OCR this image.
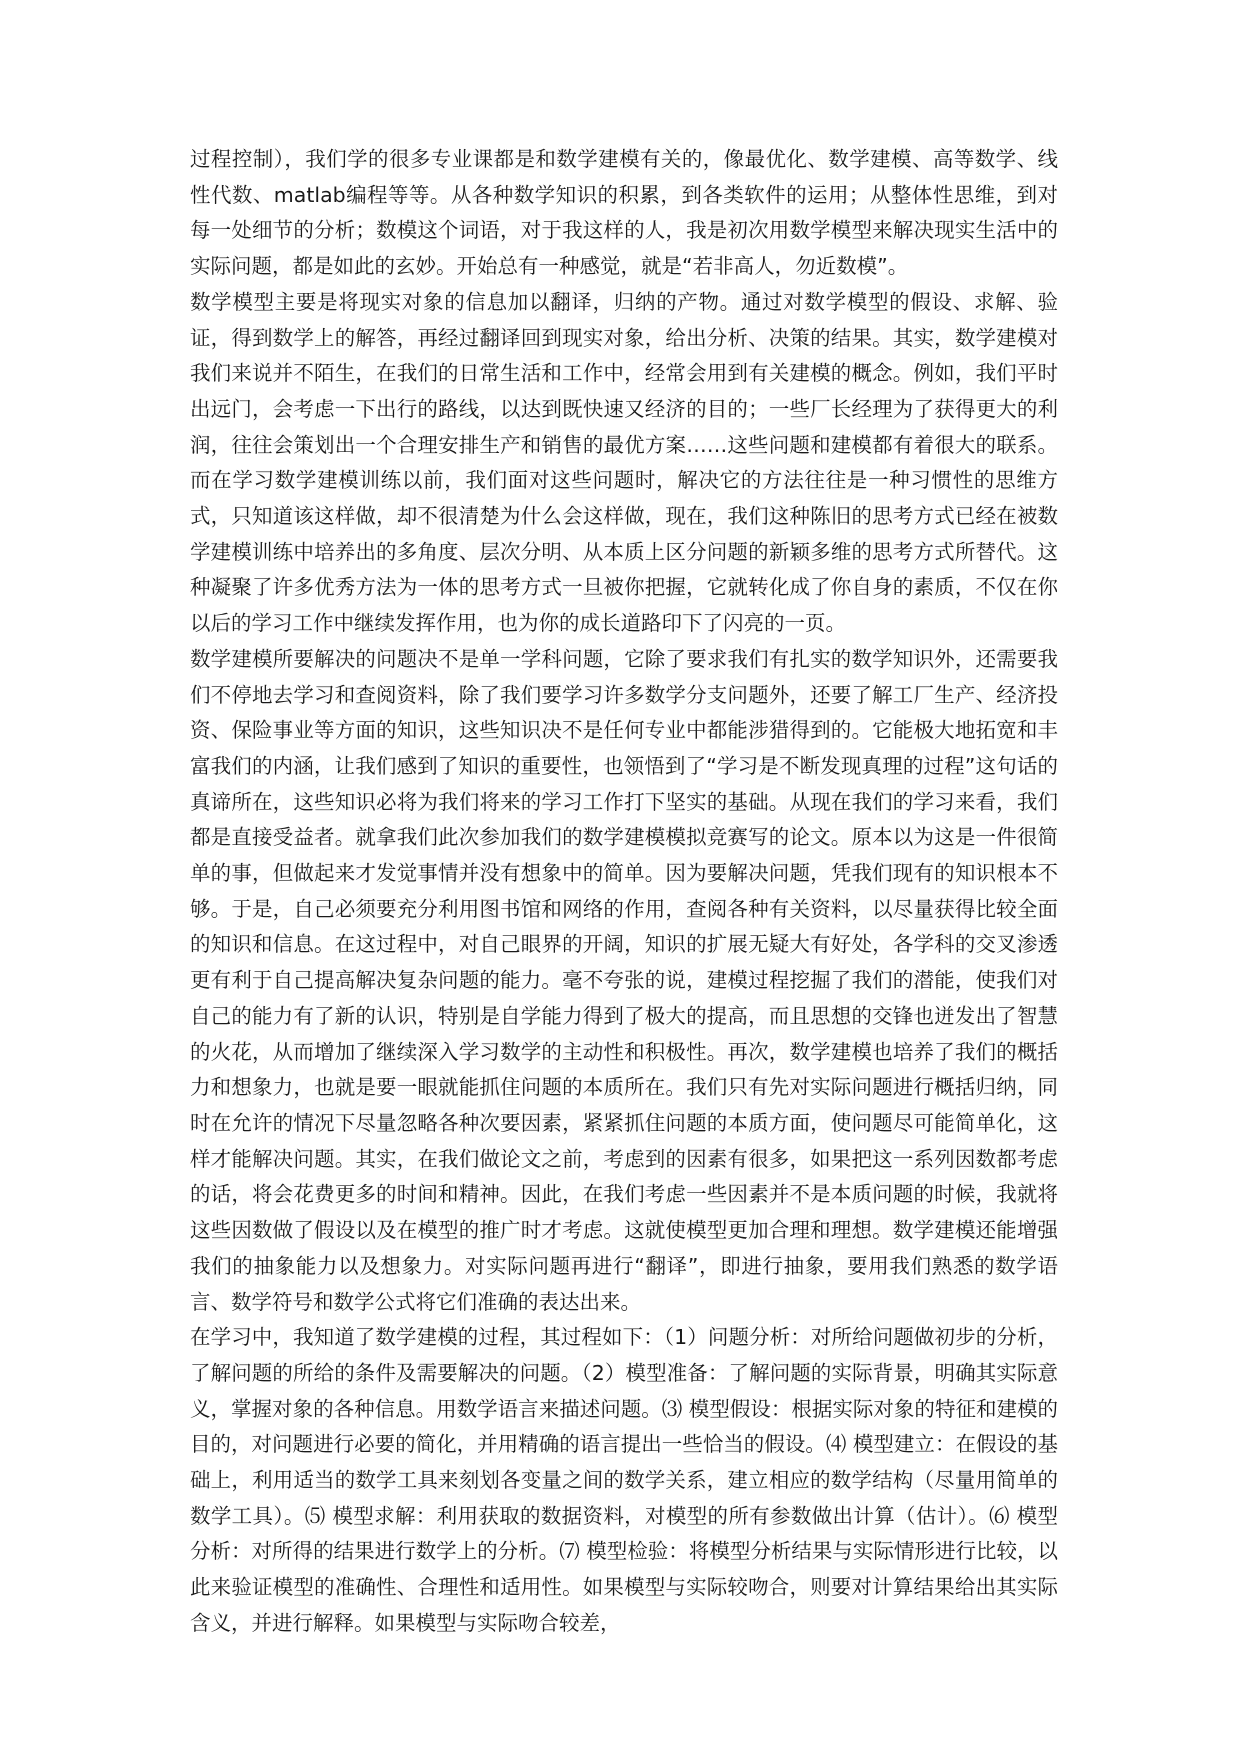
过程控制），我们学的很多专业课都是和数学建模有关的，像最优化、数学建模、高等数学、线性代数、matlab编程等等。从各种数学知识的积累，到各类软件的运用；从整体性思维，到对每一处细节的分析；数模这个词语，对于我这样的人，我是初次用数学模型来解决现实生活中的实际问题，都是如此的玄妙。开始总有一种感觉，就是“若非高人，勿近数模”。

数学模型主要是将现实对象的信息加以翻译，归纳的产物。通过对数学模型的假设、求解、验证，得到数学上的解答，再经过翻译回到现实对象，给出分析、决策的结果。其实，数学建模对我们来说并不陌生，在我们的日常生活和工作中，经常会用到有关建模的概念。例如，我们平时出远门，会考虑一下出行的路线，以达到既快速又经济的目的；一些厂长经理为了获得更大的利润，往往会策划出一个合理安排生产和销售的最优方案……这些问题和建模都有着很大的联系。而在学习数学建模训练以前，我们面对这些问题时，解决它的方法往往是一种习惯性的思维方式，只知道该这样做，却不很清楚为什么会这样做，现在，我们这种陈旧的思考方式已经在被数学建模训练中培养出的多角度、层次分明、从本质上区分问题的新颖多维的思考方式所替代。这种凝聚了许多优秀方法为一体的思考方式一旦被你把握，它就转化成了你自身的素质，不仅在你以后的学习工作中继续发挥作用，也为你的成长道路印下了闪亮的一页。

数学建模所要解决的问题决不是单一学科问题，它除了要求我们有扎实的数学知识外，还需要我们不停地去学习和查阅资料，除了我们要学习许多数学分支问题外，还要了解工厂生产、经济投资、保险事业等方面的知识，这些知识决不是任何专业中都能涉猎得到的。它能极大地拓宽和丰富我们的内涵，让我们感到了知识的重要性，也领悟到了“学习是不断发现真理的过程”这句话的真谛所在，这些知识必将为我们将来的学习工作打下坚实的基础。从现在我们的学习来看，我们都是直接受益者。就拿我们此次参加我们的数学建模模拟竞赛写的论文。原本以为这是一件很简单的事，但做起来才发觉事情并没有想象中的简单。因为要解决问题，凭我们现有的知识根本不够。于是，自己必须要充分利用图书馆和网络的作用，查阅各种有关资料，以尽量获得比较全面的知识和信息。在这过程中，对自己眼界的开阔，知识的扩展无疑大有好处，各学科的交叉渗透更有利于自己提高解决复杂问题的能力。毫不夸张的说，建模过程挖掘了我们的潜能，使我们对自己的能力有了新的认识，特别是自学能力得到了极大的提高，而且思想的交锋也迸发出了智慧的火花，从而增加了继续深入学习数学的主动性和积极性。再次，数学建模也培养了我们的概括力和想象力，也就是要一眼就能抓住问题的本质所在。我们只有先对实际问题进行概括归纳，同时在允许的情况下尽量忽略各种次要因素，紧紧抓住问题的本质方面，使问题尽可能简单化，这样才能解决问题。其实，在我们做论文之前，考虑到的因素有很多，如果把这一系列因数都考虑的话，将会花费更多的时间和精神。因此，在我们考虑一些因素并不是本质问题的时候，我就将这些因数做了假设以及在模型的推广时才考虑。这就使模型更加合理和理想。数学建模还能增强我们的抽象能力以及想象力。对实际问题再进行“翻译”，即进行抽象，要用我们熟悉的数学语言、数学符号和数学公式将它们准确的表达出来。

在学习中，我知道了数学建模的过程，其过程如下：（1）问题分析：对所给问题做初步的分析，了解问题的所给的条件及需要解决的问题。（2）模型准备：了解问题的实际背景，明确其实际意义，掌握对象的各种信息。用数学语言来描述问题。⑶ 模型假设：根据实际对象的特征和建模的目的，对问题进行必要的简化，并用精确的语言提出一些恰当的假设。⑷ 模型建立：在假设的基础上，利用适当的数学工具来刻划各变量之间的数学关系，建立相应的数学结构（尽量用简单的数学工具）。⑸ 模型求解：利用获取的数据资料，对模型的所有参数做出计算（估计）。⑹ 模型分析：对所得的结果进行数学上的分析。⑺ 模型检验：将模型分析结果与实际情形进行比较，以此来验证模型的准确性、合理性和适用性。如果模型与实际较吻合，则要对计算结果给出其实际含义，并进行解释。如果模型与实际吻合较差，
